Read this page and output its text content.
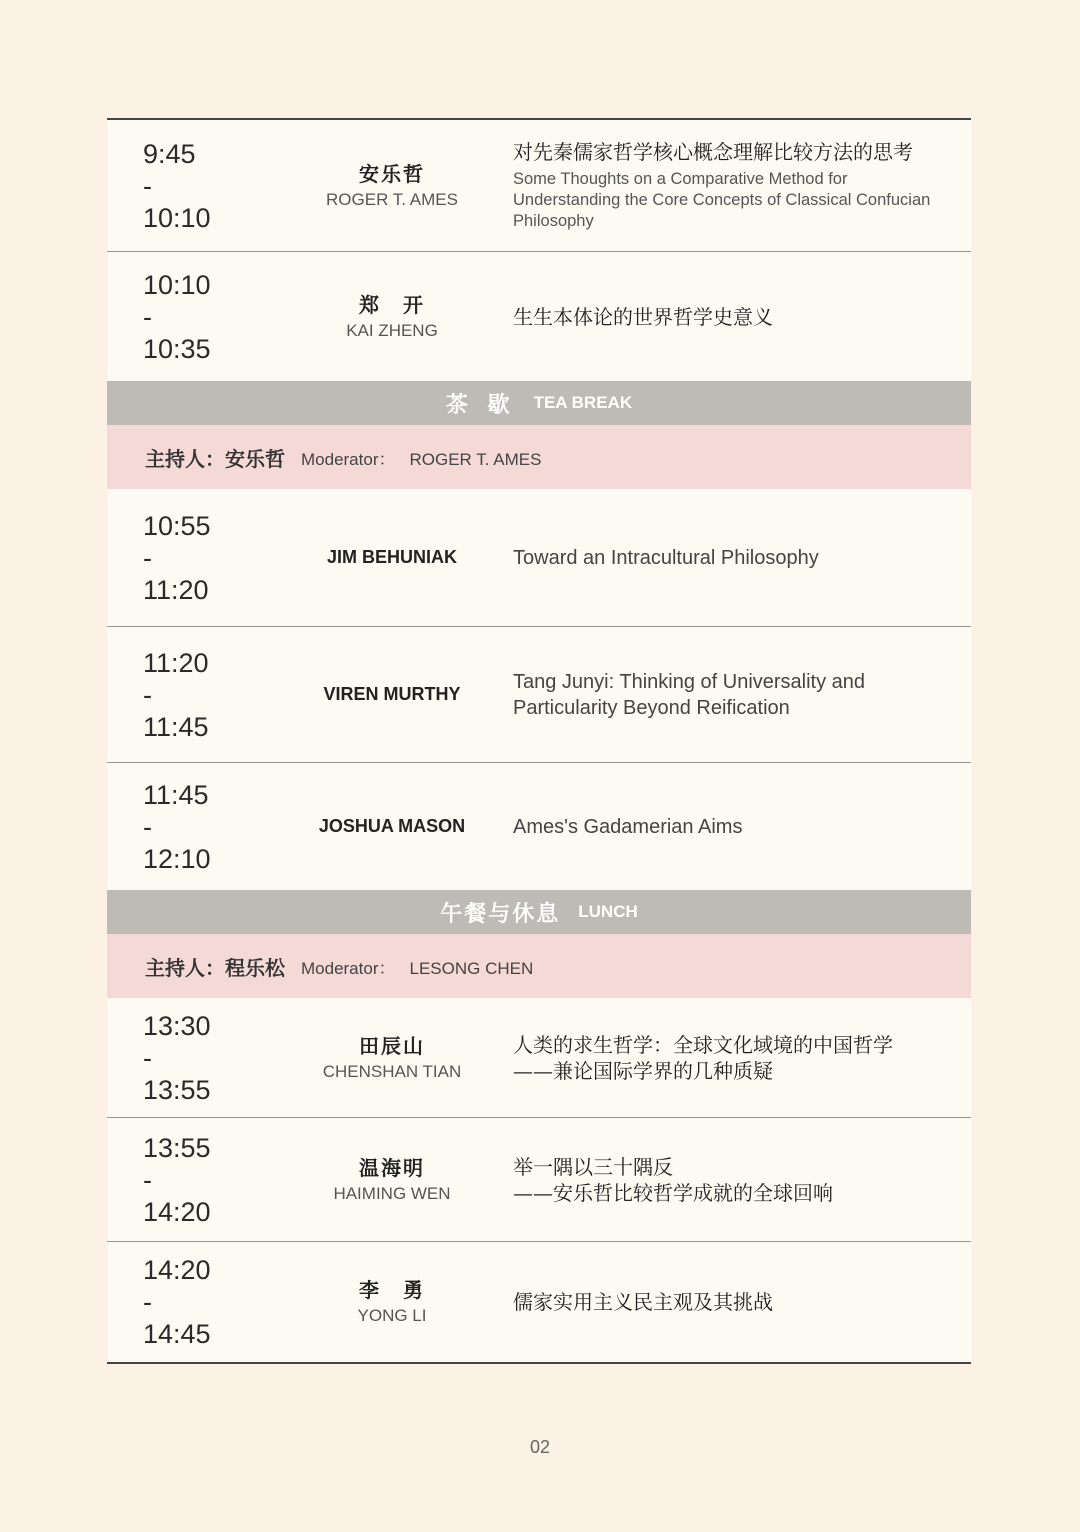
9:45
-
10:10
安乐哲
ROGER T. AMES
对先秦儒家哲学核心概念理解比较方法的思考
Some Thoughts on a Comparative Method for Understanding the Core Concepts of Classical Confucian Philosophy
10:10
-
10:35
郑　开
KAI ZHENG
生生本体论的世界哲学史意义
茶 歇 TEA BREAK
主持人：安乐哲 Moderator： ROGER T. AMES
10:55
-
11:20
JIM BEHUNIAK	Toward an Intracultural Philosophy
11:20
-
11:45
VIREN MURTHY
Tang Junyi: Thinking of Universality and Particularity Beyond Reification
11:45
-
12:10
JOSHUA MASON Ames's Gadamerian Aims
午餐与休息 LUNCH
主持人：程乐松 Moderator： LESONG CHEN
13:30
-
13:55
田辰山
CHENSHAN TIAN
人类的求生哲学：全球文化域境的中国哲学
——兼论国际学界的几种质疑
13:55
-
14:20
温海明
HAIMING WEN
举一隅以三十隅反
——安乐哲比较哲学成就的全球回响
14:20
-
14:45
李　勇
YONG LI
儒家实用主义民主观及其挑战
02
